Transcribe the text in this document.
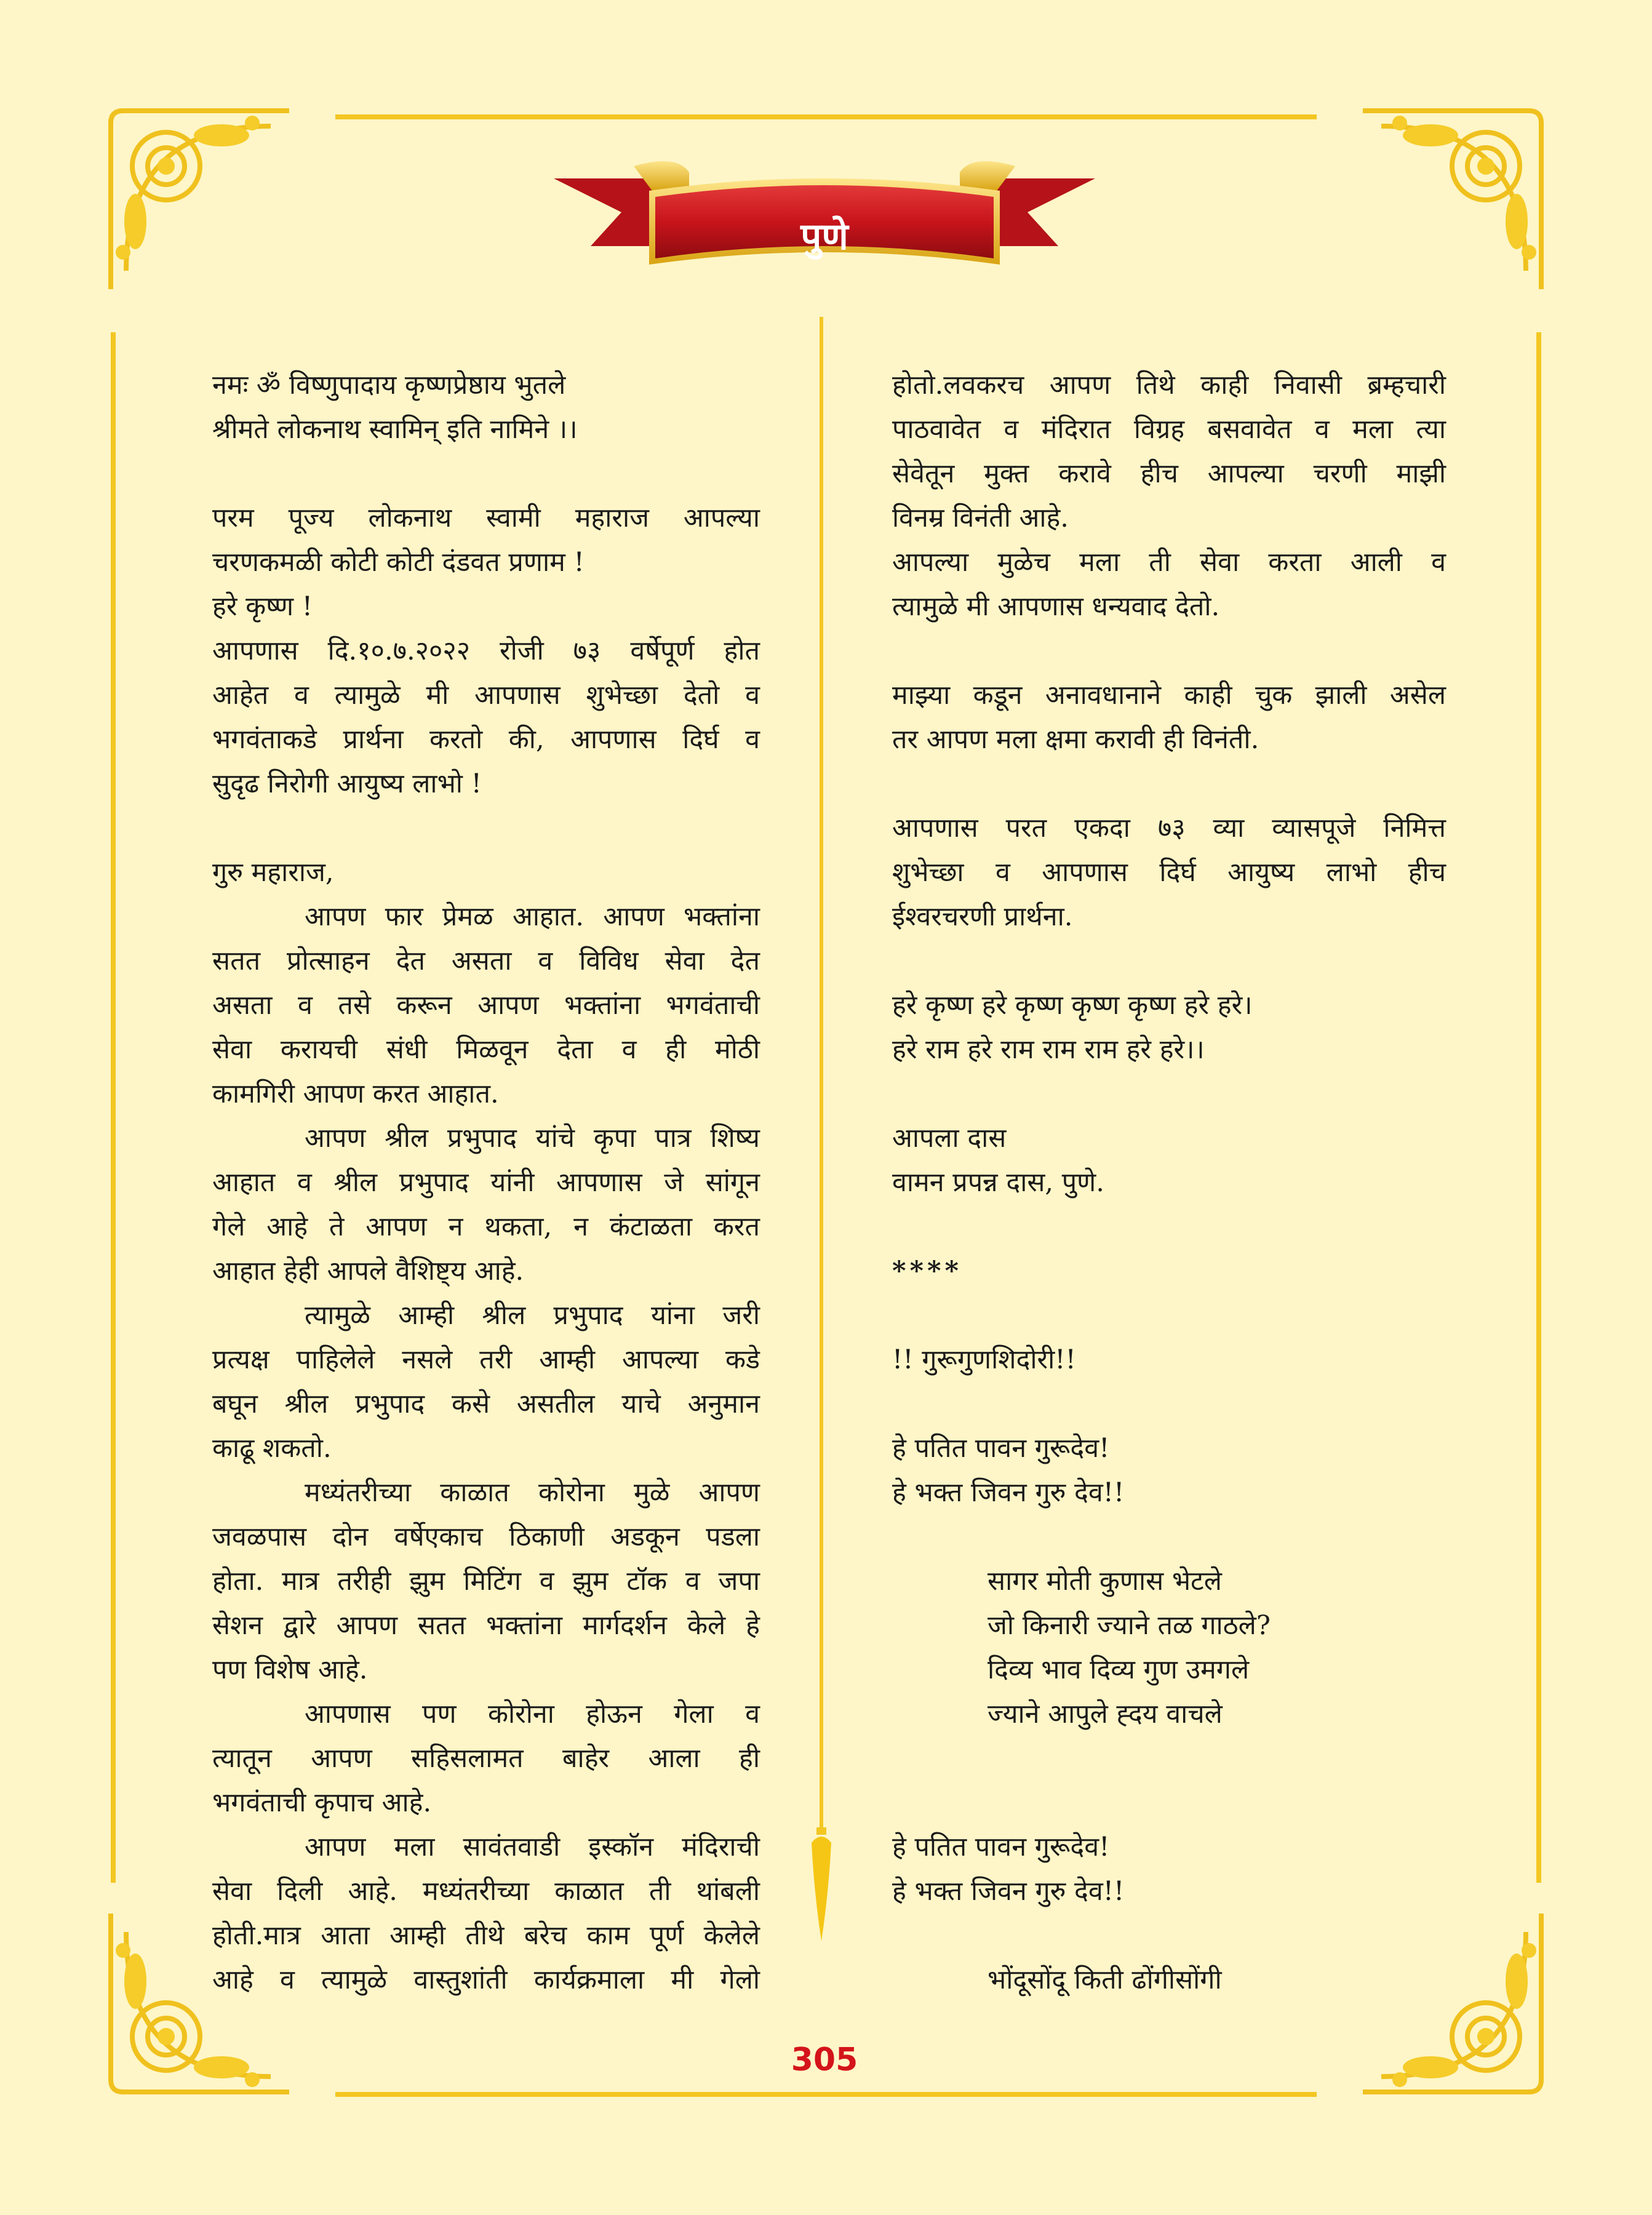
पुणे
नमः ॐ विष्णुपादाय कृष्णप्रेष्ठाय भुतले
श्रीमते लोकनाथ स्वामिन् इति नामिने ।।
परम पूज्य लोकनाथ स्वामी महाराज आपल्या
चरणकमळी कोटी कोटी दंडवत प्रणाम !
हरे कृष्ण !
आपणास दि.१०.७.२०२२ रोजी ७३ वर्षेपूर्ण होत
आहेत व त्यामुळे मी आपणास शुभेच्छा देतो व
भगवंताकडे प्रार्थना करतो की, आपणास दिर्घ व
सुदृढ निरोगी आयुष्य लाभो !
गुरु महाराज,
आपण फार प्रेमळ आहात. आपण भक्तांना
सतत प्रोत्साहन देत असता व विविध सेवा देत
असता व तसे करून आपण भक्तांना भगवंताची
सेवा करायची संधी मिळवून देता व ही मोठी
कामगिरी आपण करत आहात.
आपण श्रील प्रभुपाद यांचे कृपा पात्र शिष्य
आहात व श्रील प्रभुपाद यांनी आपणास जे सांगून
गेले आहे ते आपण न थकता, न कंटाळता करत
आहात हेही आपले वैशिष्ट्य आहे.
त्यामुळे आम्ही श्रील प्रभुपाद यांना जरी
प्रत्यक्ष पाहिलेले नसले तरी आम्ही आपल्या कडे
बघून श्रील प्रभुपाद कसे असतील याचे अनुमान
काढू शकतो.
मध्यंतरीच्या काळात कोरोना मुळे आपण
जवळपास दोन वर्षेएकाच ठिकाणी अडकून पडला
होता. मात्र तरीही झुम मिटिंग व झुम टॉक व जपा
सेशन द्वारे आपण सतत भक्तांना मार्गदर्शन केले हे
पण विशेष आहे.
आपणास पण कोरोना होऊन गेला व
त्यातून आपण सहिसलामत बाहेर आला ही
भगवंताची कृपाच आहे.
आपण मला सावंतवाडी इस्कॉन मंदिराची
सेवा दिली आहे. मध्यंतरीच्या काळात ती थांबली
होती.मात्र आता आम्ही तीथे बरेच काम पूर्ण केलेले
आहे व त्यामुळे वास्तुशांती कार्यक्रमाला मी गेलो
होतो.लवकरच आपण तिथे काही निवासी ब्रम्हचारी
पाठवावेत व मंदिरात विग्रह बसवावेत व मला त्या
सेवेतून मुक्त करावे हीच आपल्या चरणी माझी
विनम्र विनंती आहे.
आपल्या मुळेच मला ती सेवा करता आली व
त्यामुळे मी आपणास धन्यवाद देतो.
माझ्या कडून अनावधानाने काही चुक झाली असेल
तर आपण मला क्षमा करावी ही विनंती.
आपणास परत एकदा ७३ व्या व्यासपूजे निमित्त
शुभेच्छा व आपणास दिर्घ आयुष्य लाभो हीच
ईश्वरचरणी प्रार्थना.
हरे कृष्ण हरे कृष्ण कृष्ण कृष्ण हरे हरे।
हरे राम हरे राम राम राम हरे हरे।।
आपला दास
वामन प्रपन्न दास, पुणे.
****
!! गुरूगुणशिदोरी!!
हे पतित पावन गुरूदेव!
हे भक्त जिवन गुरु देव!!
सागर मोती कुणास भेटले
जो किनारी ज्याने तळ गाठले?
दिव्य भाव दिव्य गुण उमगले
ज्याने आपुले ह्दय वाचले
हे पतित पावन गुरूदेव!
हे भक्त जिवन गुरु देव!!
भोंदूसोंदू किती ढोंगीसोंगी
305
